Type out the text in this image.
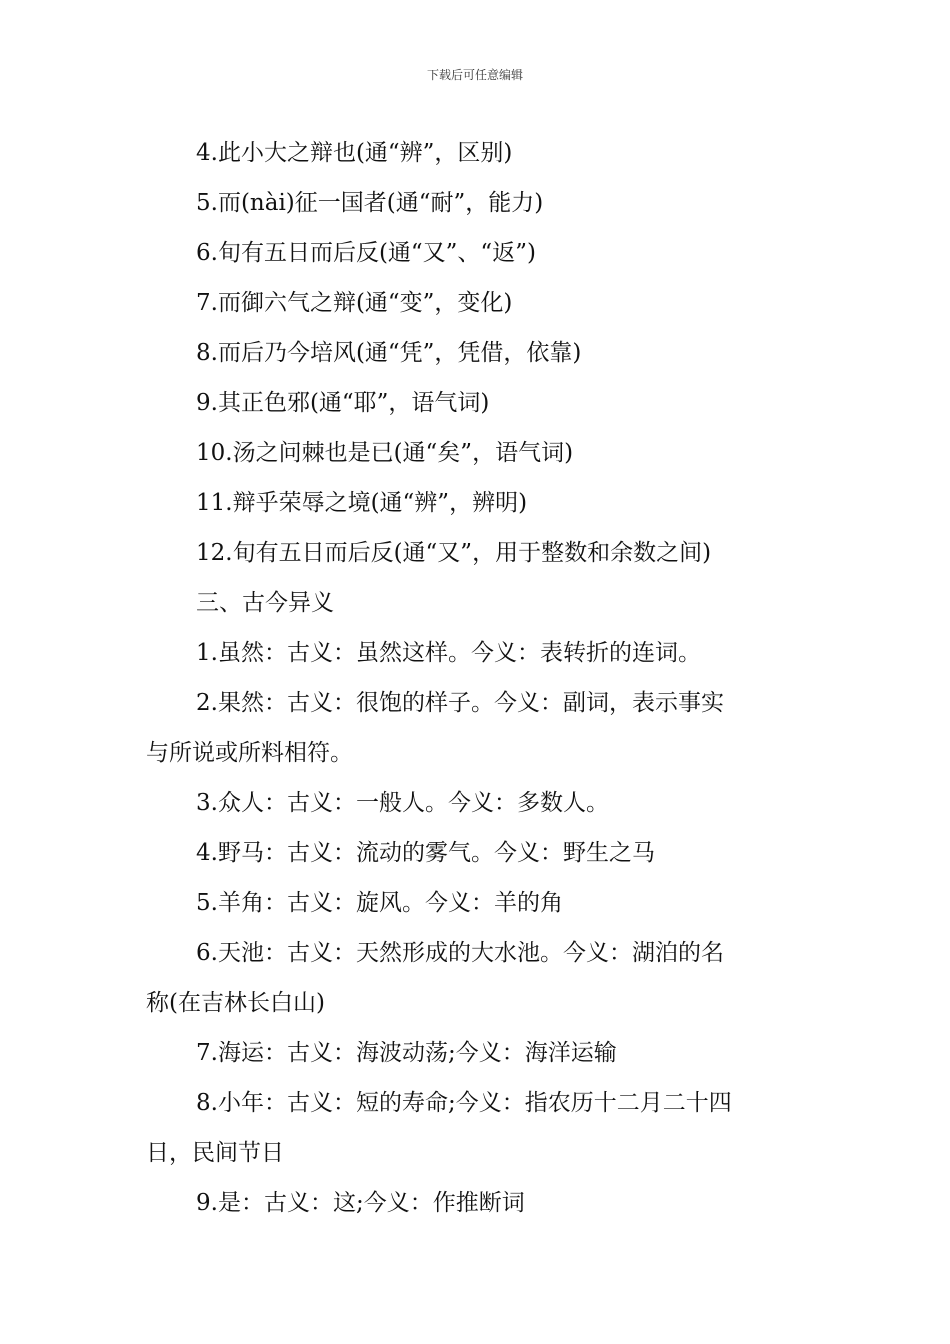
下载后可任意编辑
4.此小大之辩也(通“辨”，区别)
5.而(nài)征一国者(通“耐”，能力)
6.旬有五日而后反(通“又”、“返”)
7.而御六气之辩(通“变”，变化)
8.而后乃今培风(通“凭”，凭借，依靠)
9.其正色邪(通“耶”，语气词)
10.汤之问棘也是已(通“矣”，语气词)
11.辩乎荣辱之境(通“辨”，辨明)
12.旬有五日而后反(通“又”，用于整数和余数之间)
三、古今异义
1.虽然：古义：虽然这样。今义：表转折的连词。
2.果然：古义：很饱的样子。今义：副词，表示事实
与所说或所料相符。
3.众人：古义：一般人。今义：多数人。
4.野马：古义：流动的雾气。今义：野生之马
5.羊角：古义：旋风。今义：羊的角
6.天池：古义：天然形成的大水池。今义：湖泊的名
称(在吉林长白山)
7.海运：古义：海波动荡;今义：海洋运输
8.小年：古义：短的寿命;今义：指农历十二月二十四
日，民间节日
9.是：古义：这;今义：作推断词
